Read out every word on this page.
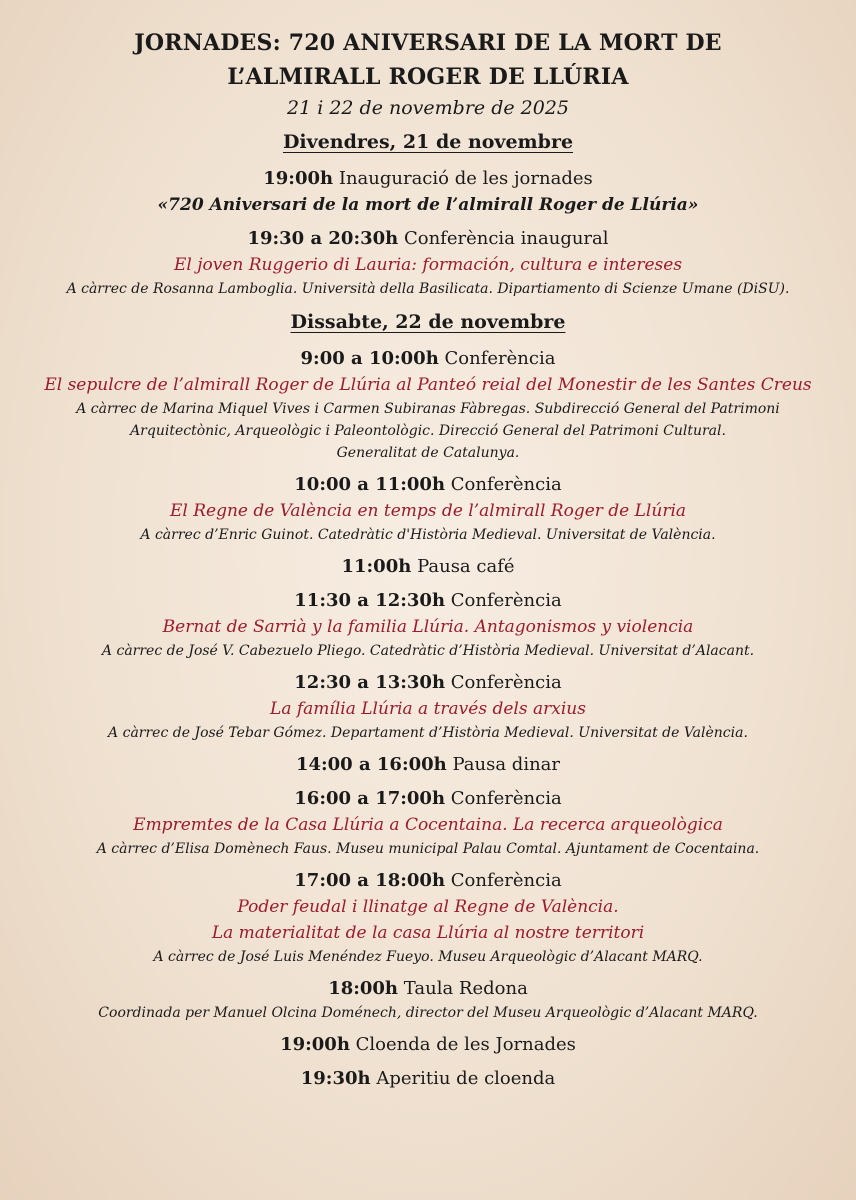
JORNADES: 720 ANIVERSARI DE LA MORT DE
L’ALMIRALL ROGER DE LLÚRIA
21 i 22 de novembre de 2025
Divendres, 21 de novembre
19:00h Inauguració de les jornades
«720 Aniversari de la mort de l’almirall Roger de Llúria»
19:30 a 20:30h Conferència inaugural
El joven Ruggerio di Lauria: formación, cultura e intereses
A càrrec de Rosanna Lamboglia. Università della Basilicata. Dipartiamento di Scienze Umane (DiSU).
Dissabte, 22 de novembre
9:00 a 10:00h Conferència
El sepulcre de l’almirall Roger de Llúria al Panteó reial del Monestir de les Santes Creus
A càrrec de Marina Miquel Vives i Carmen Subiranas Fàbregas. Subdirecció General del Patrimoni
Arquitectònic, Arqueològic i Paleontològic. Direcció General del Patrimoni Cultural.
Generalitat de Catalunya.
10:00 a 11:00h Conferència
El Regne de València en temps de l’almirall Roger de Llúria
A càrrec d’Enric Guinot. Catedràtic d'Història Medieval. Universitat de València.
11:00h Pausa café
11:30 a 12:30h Conferència
Bernat de Sarrià y la familia Llúria. Antagonismos y violencia
A càrrec de José V. Cabezuelo Pliego. Catedràtic d’Història Medieval. Universitat d’Alacant.
12:30 a 13:30h Conferència
La família Llúria a través dels arxius
A càrrec de José Tebar Gómez. Departament d’Història Medieval. Universitat de València.
14:00 a 16:00h Pausa dinar
16:00 a 17:00h Conferència
Empremtes de la Casa Llúria a Cocentaina. La recerca arqueològica
A càrrec d’Elisa Domènech Faus. Museu municipal Palau Comtal. Ajuntament de Cocentaina.
17:00 a 18:00h Conferència
Poder feudal i llinatge al Regne de València.
La materialitat de la casa Llúria al nostre territori
A càrrec de José Luis Menéndez Fueyo. Museu Arqueològic d’Alacant MARQ.
18:00h Taula Redona
Coordinada per Manuel Olcina Doménech, director del Museu Arqueològic d’Alacant MARQ.
19:00h Cloenda de les Jornades
19:30h Aperitiu de cloenda
